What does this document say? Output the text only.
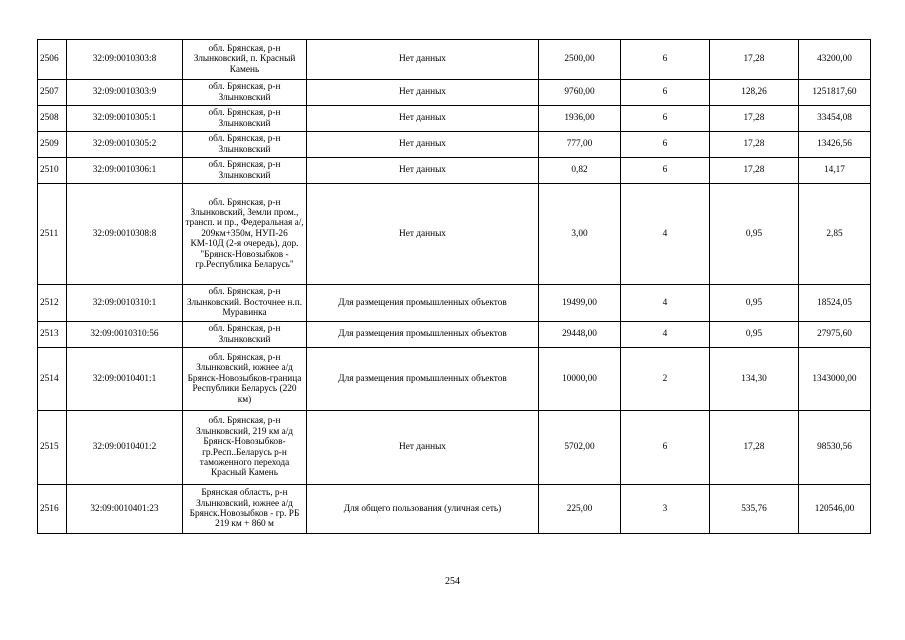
2506	32:09:0010303:8	обл. Брянская, р-н Злынковский, п. Красный Камень	Нет данных	2500,00	6	17,28	43200,00
2507	32:09:0010303:9	обл. Брянская, р-н Злынковский	Нет данных	9760,00	6	128,26	1251817,60
2508	32:09:0010305:1	обл. Брянская, р-н Злынковский	Нет данных	1936,00	6	17,28	33454,08
2509	32:09:0010305:2	обл. Брянская, р-н Злынковский	Нет данных	777,00	6	17,28	13426,56
2510	32:09:0010306:1	обл. Брянская, р-н Злынковский	Нет данных	0,82	6	17,28	14,17
2511	32:09:0010308:8	обл. Брянская, р-н Злынковский, Земли пром., трансп. и пр., Федеральная а/, 209км+350м, НУП-26 КМ-10Д (2-я очередь), дор. "Брянск-Новозыбков - гр.Республика Беларусь"	Нет данных	3,00	4	0,95	2,85
2512	32:09:0010310:1	обл. Брянская, р-н Злынковский. Восточнее н.п. Муравинка	Для размещения промышленных объектов	19499,00	4	0,95	18524,05
2513	32:09:0010310:56	обл. Брянская, р-н Злынковский	Для размещения промышленных объектов	29448,00	4	0,95	27975,60
2514	32:09:0010401:1	обл. Брянская, р-н Злынковский, южнее а/д Брянск-Новозыбков-граница Республики Беларусь (220 км)	Для размещения промышленных объектов	10000,00	2	134,30	1343000,00
2515	32:09:0010401:2	обл. Брянская, р-н Злынковский, 219 км а/д Брянск-Новозыбков-гр.Респ..Беларусь р-н таможенного перехода Красный Камень	Нет данных	5702,00	6	17,28	98530,56
2516	32:09:0010401:23	Брянская область, р-н Злынковский, южнее а/д Брянск.Новозыбков - гр. РБ 219 км + 860 м	Для общего пользования (уличная сеть)	225,00	3	535,76	120546,00
254
